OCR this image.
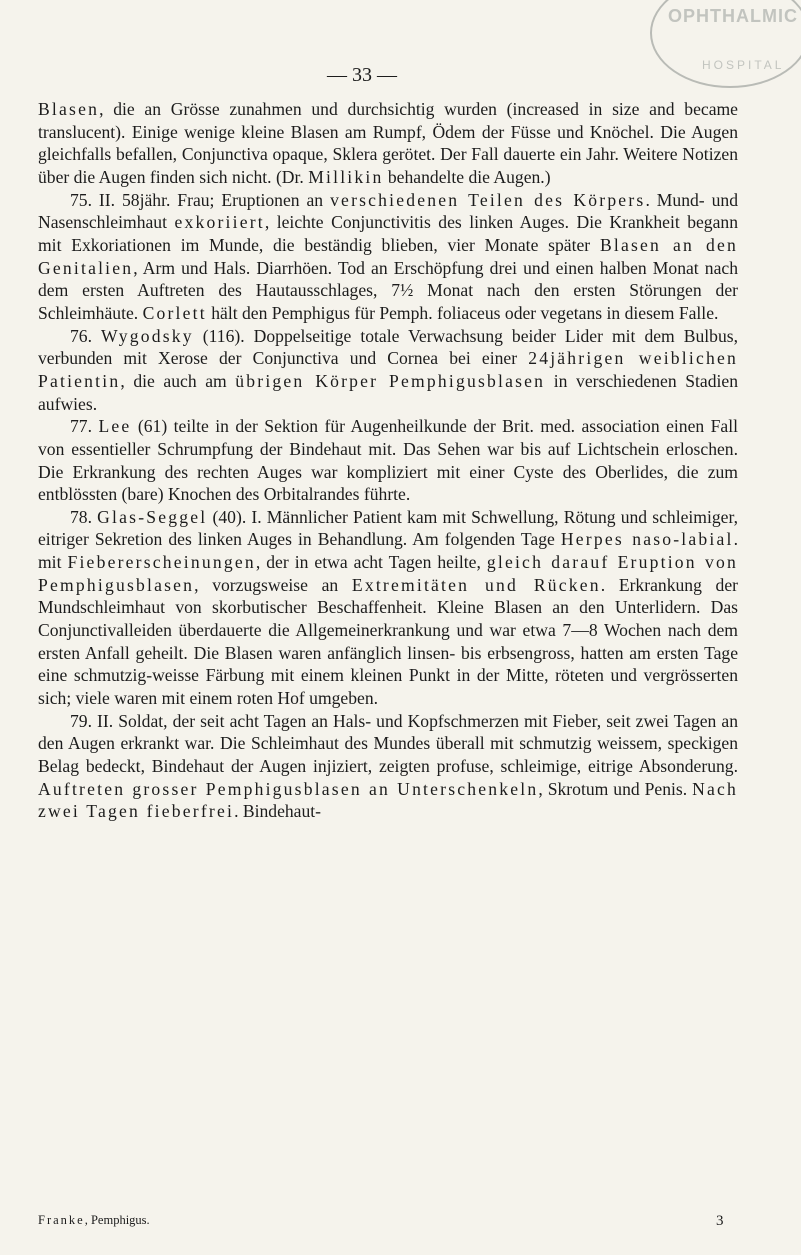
OPHTHALMIC
HOSPITAL
— 33 —

Blasen, die an Grösse zunahmen und durchsichtig wurden (increased in size and became translucent). Einige wenige kleine Blasen am Rumpf, Ödem der Füsse und Knöchel. Die Augen gleichfalls befallen, Conjunctiva opaque, Sklera gerötet. Der Fall dauerte ein Jahr. Weitere Notizen über die Augen finden sich nicht. (Dr. Millikin behandelte die Augen.)

75. II. 58jähr. Frau; Eruptionen an verschiedenen Teilen des Körpers. Mund- und Nasenschleimhaut exkoriiert, leichte Conjunctivitis des linken Auges. Die Krankheit begann mit Exkoriationen im Munde, die beständig blieben, vier Monate später Blasen an den Genitalien, Arm und Hals. Diarrhöen. Tod an Erschöpfung drei und einen halben Monat nach dem ersten Auftreten des Hautausschlages, 7½ Monat nach den ersten Störungen der Schleimhäute. Corlett hält den Pemphigus für Pemph. foliaceus oder vegetans in diesem Falle.

76. Wygodsky (116). Doppelseitige totale Verwachsung beider Lider mit dem Bulbus, verbunden mit Xerose der Conjunctiva und Cornea bei einer 24jährigen weiblichen Patientin, die auch am übrigen Körper Pemphigusblasen in verschiedenen Stadien aufwies.

77. Lee (61) teilte in der Sektion für Augenheilkunde der Brit. med. association einen Fall von essentieller Schrumpfung der Bindehaut mit. Das Sehen war bis auf Lichtschein erloschen. Die Erkrankung des rechten Auges war kompliziert mit einer Cyste des Oberlides, die zum entblössten (bare) Knochen des Orbitalrandes führte.

78. Glas-Seggel (40). I. Männlicher Patient kam mit Schwellung, Rötung und schleimiger, eitriger Sekretion des linken Auges in Behandlung. Am folgenden Tage Herpes naso-labial. mit Fiebererscheinungen, der in etwa acht Tagen heilte, gleich darauf Eruption von Pemphigusblasen, vorzugsweise an Extremitäten und Rücken. Erkrankung der Mundschleimhaut von skorbutischer Beschaffenheit. Kleine Blasen an den Unterlidern. Das Conjunctivalleiden überdauerte die Allgemeinerkrankung und war etwa 7—8 Wochen nach dem ersten Anfall geheilt. Die Blasen waren anfänglich linsen- bis erbsengross, hatten am ersten Tage eine schmutzig-weisse Färbung mit einem kleinen Punkt in der Mitte, röteten und vergrösserten sich; viele waren mit einem roten Hof umgeben.

79. II. Soldat, der seit acht Tagen an Hals- und Kopfschmerzen mit Fieber, seit zwei Tagen an den Augen erkrankt war. Die Schleimhaut des Mundes überall mit schmutzig weissem, speckigen Belag bedeckt, Bindehaut der Augen injiziert, zeigten profuse, schleimige, eitrige Absonderung. Auftreten grosser Pemphigusblasen an Unterschenkeln, Skrotum und Penis. Nach zwei Tagen fieberfrei. Bindehaut-

Franke, Pemphigus.	3
